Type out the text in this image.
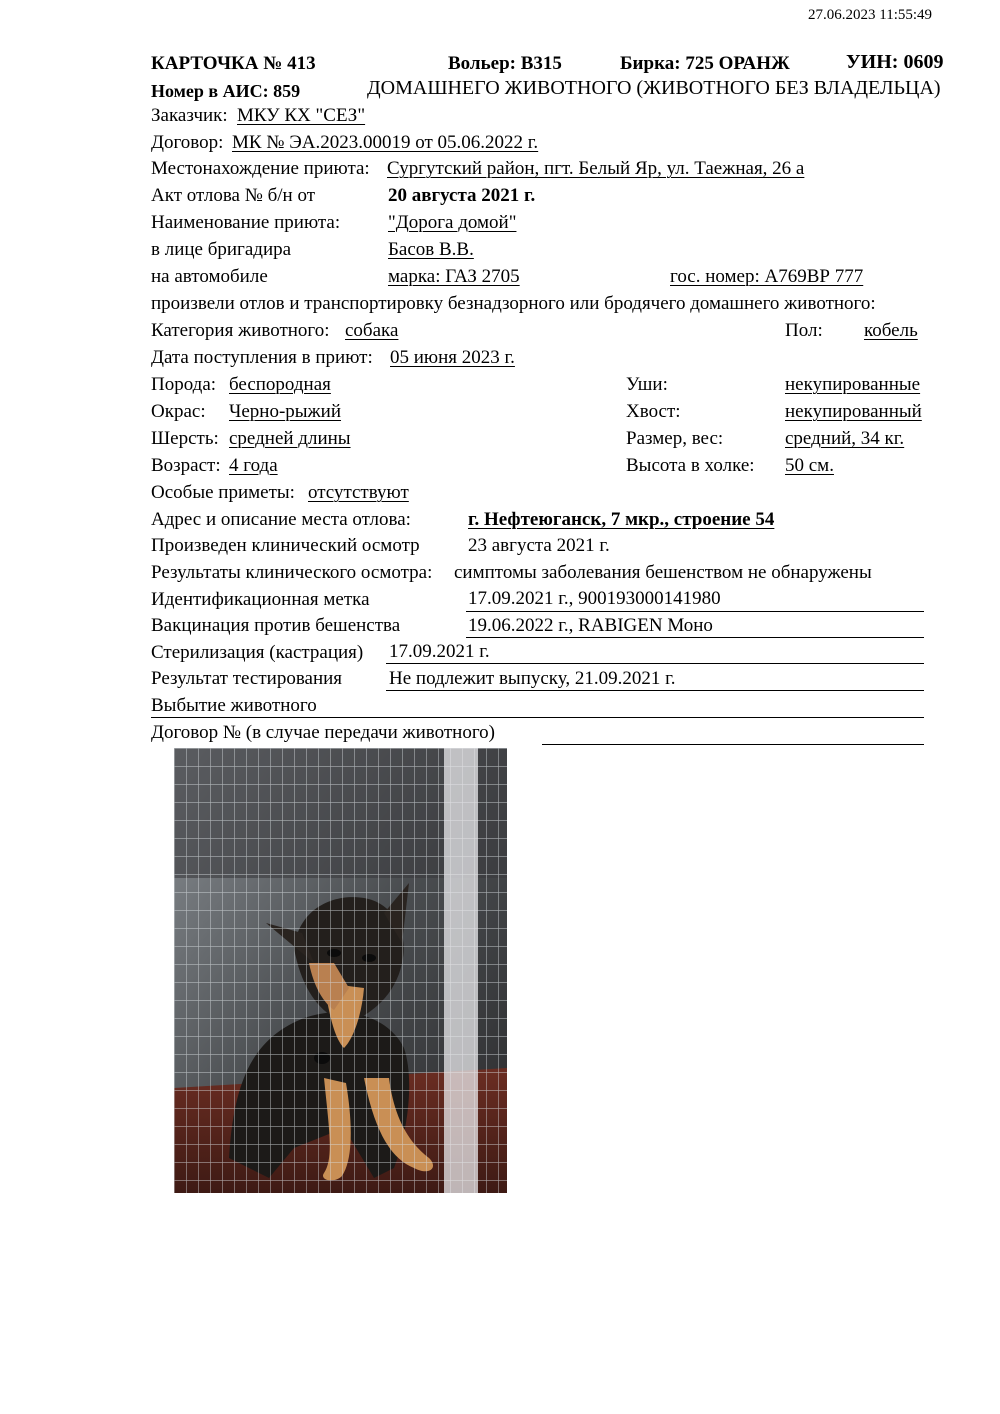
27.06.2023 11:55:49
КАРТОЧКА № 413	Вольер: В315	Бирка: 725 ОРАНЖ	УИН: 0609
Номер в АИС: 859	ДОМАШНЕГО ЖИВОТНОГО (ЖИВОТНОГО БЕЗ ВЛАДЕЛЬЦА)
Заказчик: МКУ КХ "СЕЗ"
Договор: МК № ЭА.2023.00019 от 05.06.2022 г.
Местонахождение приюта: Сургутский район, пгт. Белый Яр, ул. Таежная, 26 а
Акт отлова № б/н от	20 августа 2021 г.
Наименование приюта:	"Дорога домой"
в лице бригадира	Басов В.В.
на автомобиле	марка: ГАЗ 2705	гос. номер: А769ВР 777
произвели отлов и транспортировку безнадзорного или бродячего домашнего животного:
Категория животного: собака	Пол: кобель
Дата поступления в приют: 05 июня 2023 г.
Порода: беспородная	Уши:	некупированные
Окрас: Черно-рыжий	Хвост:	некупированный
Шерсть: средней длины	Размер, вес:	средний, 34 кг.
Возраст: 4 года	Высота в холке: 50 см.
Особые приметы: отсутствуют
Адрес и описание места отлова:	г. Нефтеюганск, 7 мкр., строение 54
Произведен клинический осмотр	23 августа 2021 г.
Результаты клинического осмотра: симптомы заболевания бешенством не обнаружены
Идентификационная метка	17.09.2021 г., 900193000141980
Вакцинация против бешенства	19.06.2022 г., RABIGEN Моно
Стерилизация (кастрация) 17.09.2021 г.
Результат тестирования Не подлежит выпуску, 21.09.2021 г.
Выбытие животного
Договор № (в случае передачи животного)
